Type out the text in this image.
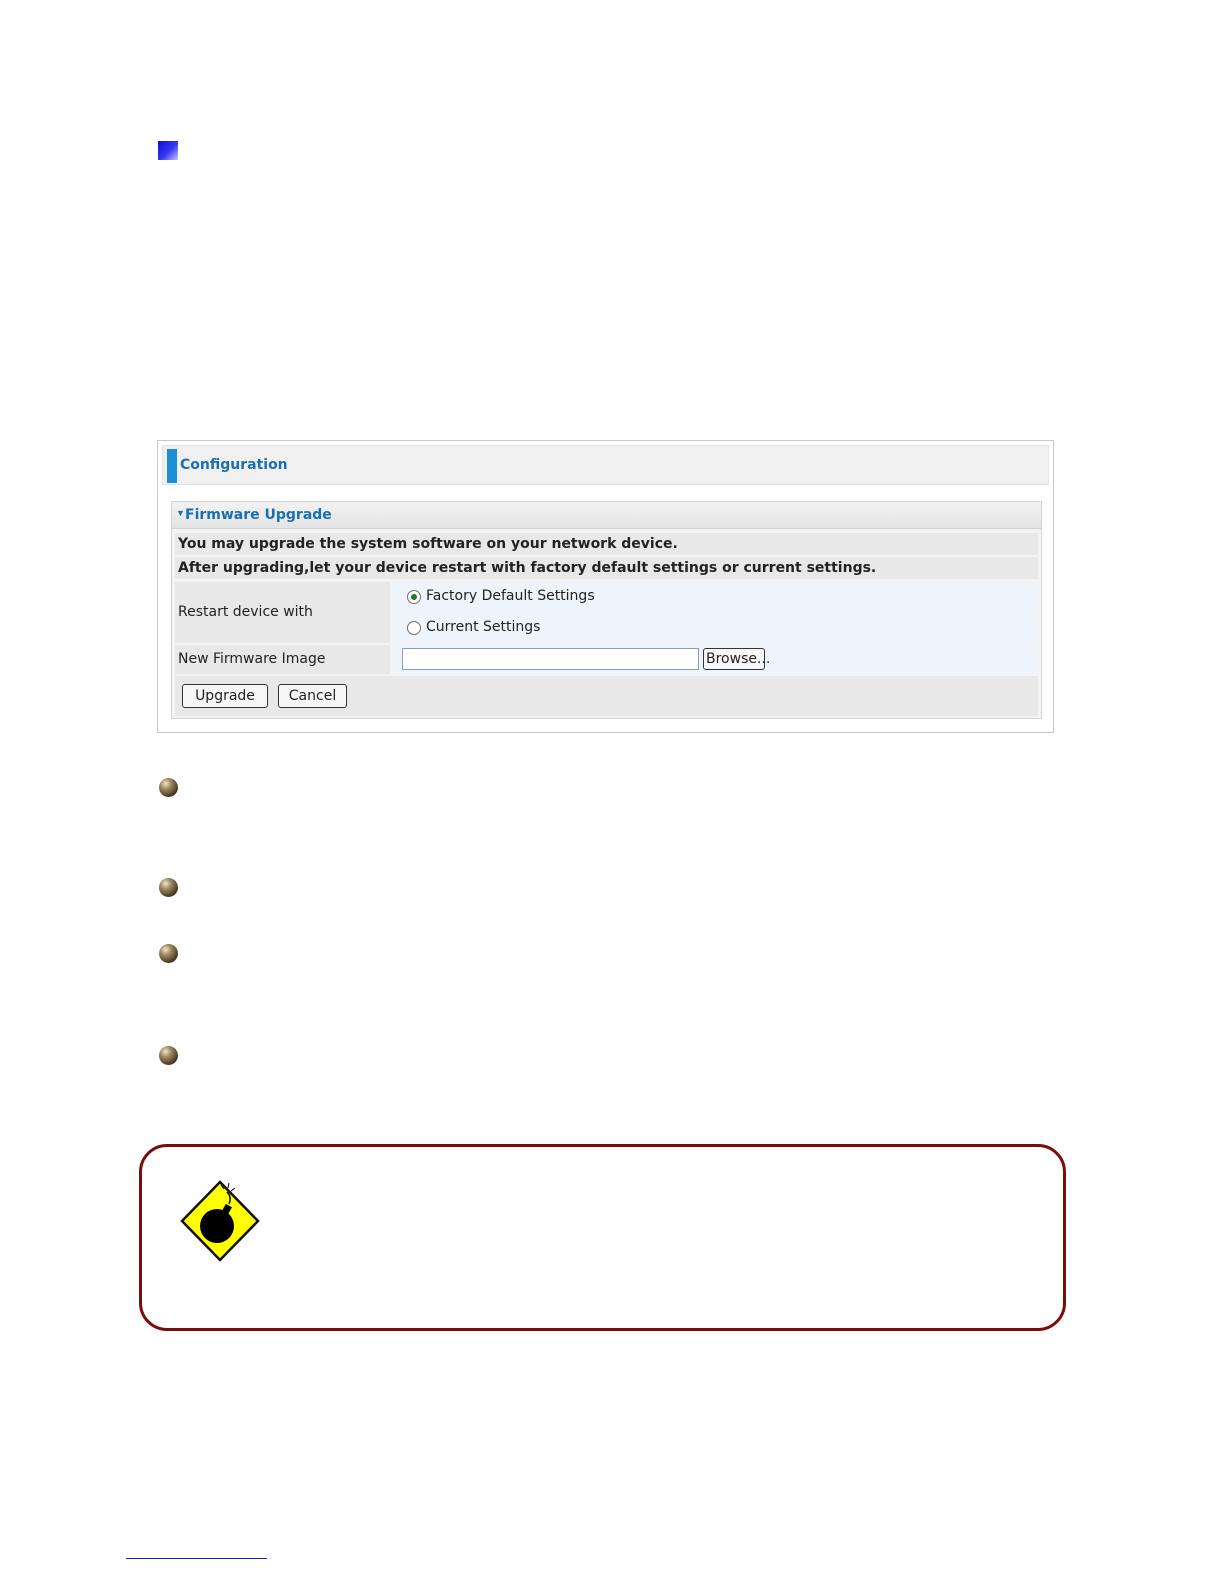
Configuration
▼ Firmware Upgrade
You may upgrade the system software on your network device.
After upgrading,let your device restart with factory default settings or current settings.
Restart device with
Factory Default Settings
Current Settings
New Firmware Image	Browse...
Upgrade	Cancel
